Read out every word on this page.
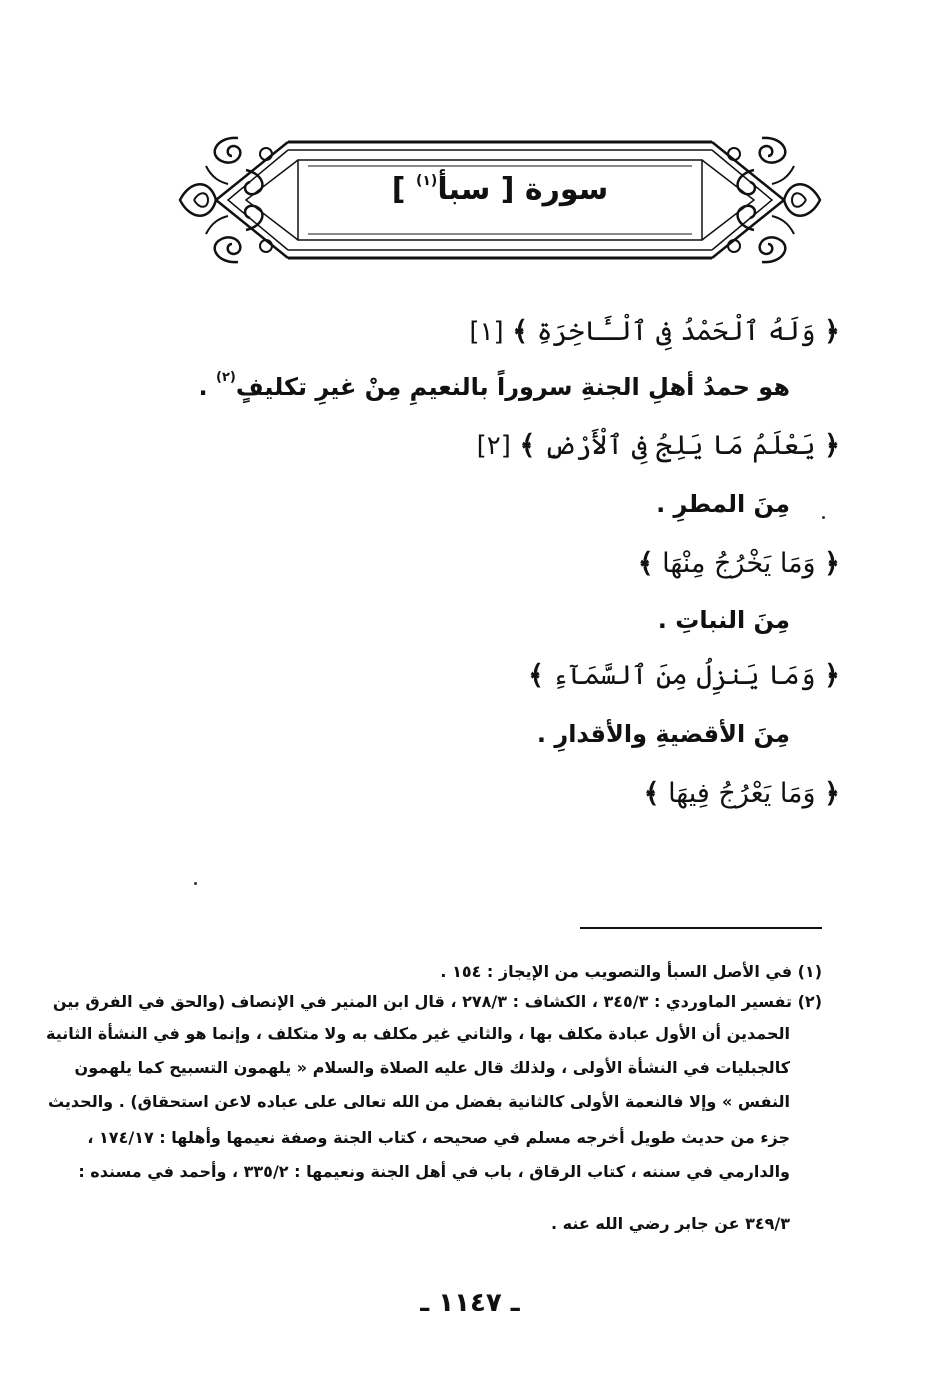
سورة [ سبأ$^{(١)}$ ]
﴿ وَلَهُ ٱلْحَمْدُ فِى ٱلْـَٔاخِرَةِ ﴾ [١]
هو حمدُ أهلِ الجنةِ سروراً بالنعيمِ مِنْ غيرِ تكليفٍ$^{(٢)}$ .
﴿ يَعْلَمُ مَا يَلِجُ فِى ٱلْأَرْضِ ﴾ [٢]
مِنَ المطرِ .
﴿ وَمَا يَخْرُجُ مِنْهَا ﴾
مِنَ النباتِ .
﴿ وَمَا يَنزِلُ مِنَ ٱلسَّمَآءِ ﴾
مِنَ الأقضيةِ والأقدارِ .
﴿ وَمَا يَعْرُجُ فِيهَا ﴾
(١) في الأصل السبأ والتصويب من الإيجاز : ١٥٤ .
(٢) تفسير الماوردي : ٣٤٥/٣ ، الكشاف : ٢٧٨/٣ ، قال ابن المنير في الإنصاف (والحق في الفرق بين
الحمدين أن الأول عبادة مكلف بها ، والثاني غير مكلف به ولا متكلف ، وإنما هو في النشأة الثانية
كالجبليات في النشأة الأولى ، ولذلك قال عليه الصلاة والسلام « يلهمون التسبيح كما يلهمون
النفس » وإلا فالنعمة الأولى كالثانية بفضل من الله تعالى على عباده لاعن استحقاق) . والحديث
جزء من حديث طويل أخرجه مسلم في صحيحه ، كتاب الجنة وصفة نعيمها وأهلها : ١٧٤/١٧ ،
والدارمي في سننه ، كتاب الرقاق ، باب في أهل الجنة ونعيمها : ٣٣٥/٢ ، وأحمد في مسنده :
٣٤٩/٣ عن جابر رضي الله عنه .
ـ ١١٤٧ ـ
